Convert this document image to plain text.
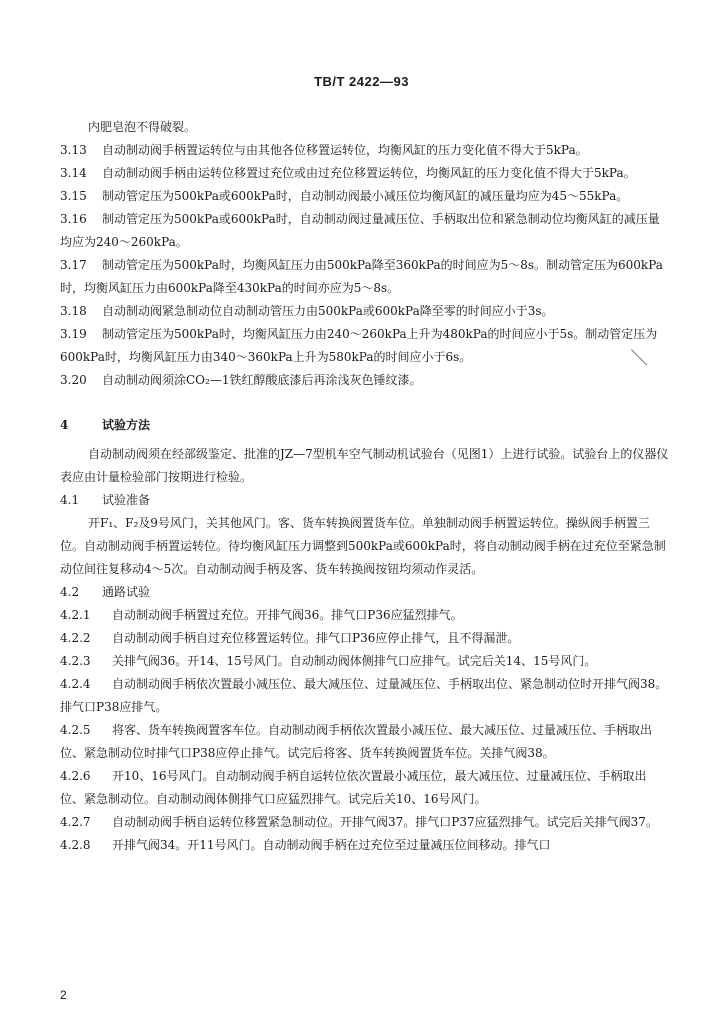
TB/T 2422—93

内肥皂泡不得破裂。

3.13 自动制动阀手柄置运转位与由其他各位移置运转位，均衡风缸的压力变化值不得大于5kPa。

3.14 自动制动阀手柄由运转位移置过充位或由过充位移置运转位，均衡风缸的压力变化值不得大于5kPa。

3.15 制动管定压为500kPa或600kPa时，自动制动阀最小减压位均衡风缸的减压量均应为45～55kPa。

3.16 制动管定压为500kPa或600kPa时，自动制动阀过量减压位、手柄取出位和紧急制动位均衡风缸的减压量均应为240～260kPa。

3.17 制动管定压为500kPa时，均衡风缸压力由500kPa降至360kPa的时间应为5～8s。制动管定压为600kPa时，均衡风缸压力由600kPa降至430kPa的时间亦应为5～8s。

3.18 自动制动阀紧急制动位自动制动管压力由500kPa或600kPa降至零的时间应小于3s。

3.19 制动管定压为500kPa时，均衡风缸压力由240～260kPa上升为480kPa的时间应小于5s。制动管定压为600kPa时，均衡风缸压力由340～360kPa上升为580kPa的时间应小于6s。

3.20 自动制动阀须涂CO₂—1铁红醇酸底漆后再涂浅灰色锤纹漆。

4	试验方法

自动制动阀须在经部级鉴定、批准的JZ—7型机车空气制动机试验台（见图1）上进行试验。试验台上的仪器仪表应由计量检验部门按期进行检验。

4.1 试验准备

开F₁、F₂及9号风门，关其他风门。客、货车转换阀置货车位。单独制动阀手柄置运转位。操纵阀手柄置三位。自动制动阀手柄置运转位。待均衡风缸压力调整到500kPa或600kPa时，将自动制动阀手柄在过充位至紧急制动位间往复移动4～5次。自动制动阀手柄及客、货车转换阀按钮均须动作灵活。

4.2 通路试验

4.2.1 自动制动阀手柄置过充位。开排气阀36。排气口P36应猛烈排气。

4.2.2 自动制动阀手柄自过充位移置运转位。排气口P36应停止排气，且不得漏泄。

4.2.3 关排气阀36。开14、15号风门。自动制动阀体侧排气口应排气。试完后关14、15号风门。

4.2.4 自动制动阀手柄依次置最小减压位、最大减压位、过量减压位、手柄取出位、紧急制动位时开排气阀38。排气口P38应排气。

4.2.5 将客、货车转换阀置客车位。自动制动阀手柄依次置最小减压位、最大减压位、过量减压位、手柄取出位、紧急制动位时排气口P38应停止排气。试完后将客、货车转换阀置货车位。关排气阀38。

4.2.6 开10、16号风门。自动制动阀手柄自运转位依次置最小减压位，最大减压位、过量减压位、手柄取出位、紧急制动位。自动制动阀体侧排气口应猛烈排气。试完后关10、16号风门。

4.2.7 自动制动阀手柄自运转位移置紧急制动位。开排气阀37。排气口P37应猛烈排气。试完后关排气阀37。

4.2.8 开排气阀34。开11号风门。自动制动阀手柄在过充位至过量减压位间移动。排气口

2
